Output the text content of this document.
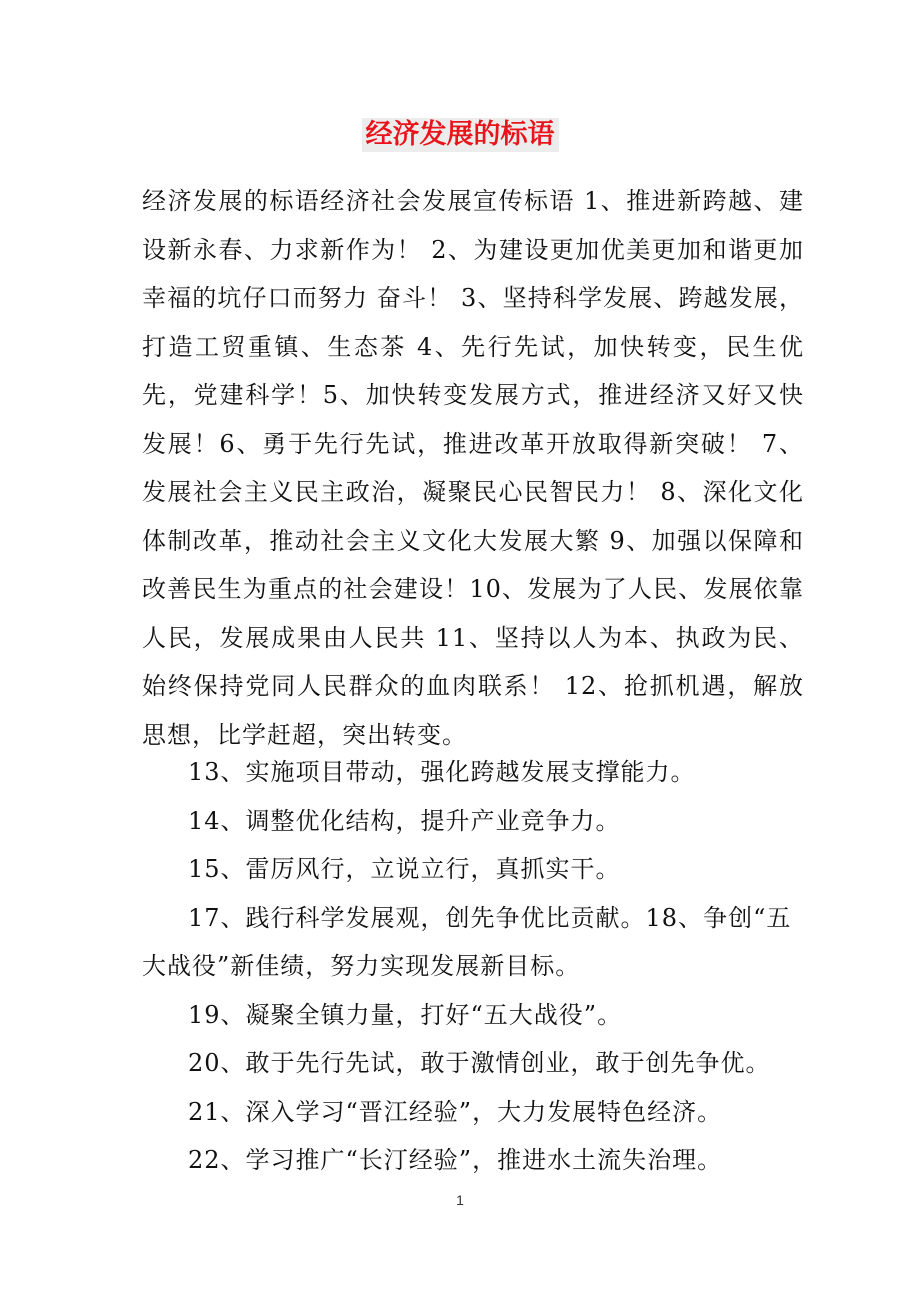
经济发展的标语

经济发展的标语经济社会发展宣传标语 1、推进新跨越、建设新永春、力求新作为！ 2、为建设更加优美更加和谐更加幸福的坑仔口而努力 奋斗！ 3、坚持科学发展、跨越发展，打造工贸重镇、生态茶 4、先行先试，加快转变，民生优先，党建科学！5、加快转变发展方式，推进经济又好又快发展！6、勇于先行先试，推进改革开放取得新突破！ 7、发展社会主义民主政治，凝聚民心民智民力！ 8、深化文化体制改革，推动社会主义文化大发展大繁 9、加强以保障和改善民生为重点的社会建设！10、发展为了人民、发展依靠人民，发展成果由人民共 11、坚持以人为本、执政为民、始终保持党同人民群众的血肉联系！ 12、抢抓机遇，解放思想，比学赶超，突出转变。

13、实施项目带动，强化跨越发展支撑能力。

14、调整优化结构，提升产业竞争力。

15、雷厉风行，立说立行，真抓实干。

17、践行科学发展观，创先争优比贡献。18、争创“五大战役”新佳绩，努力实现发展新目标。

19、凝聚全镇力量，打好“五大战役”。

20、敢于先行先试，敢于激情创业，敢于创先争优。

21、深入学习“晋江经验”，大力发展特色经济。

22、学习推广“长汀经验”，推进水土流失治理。

1
